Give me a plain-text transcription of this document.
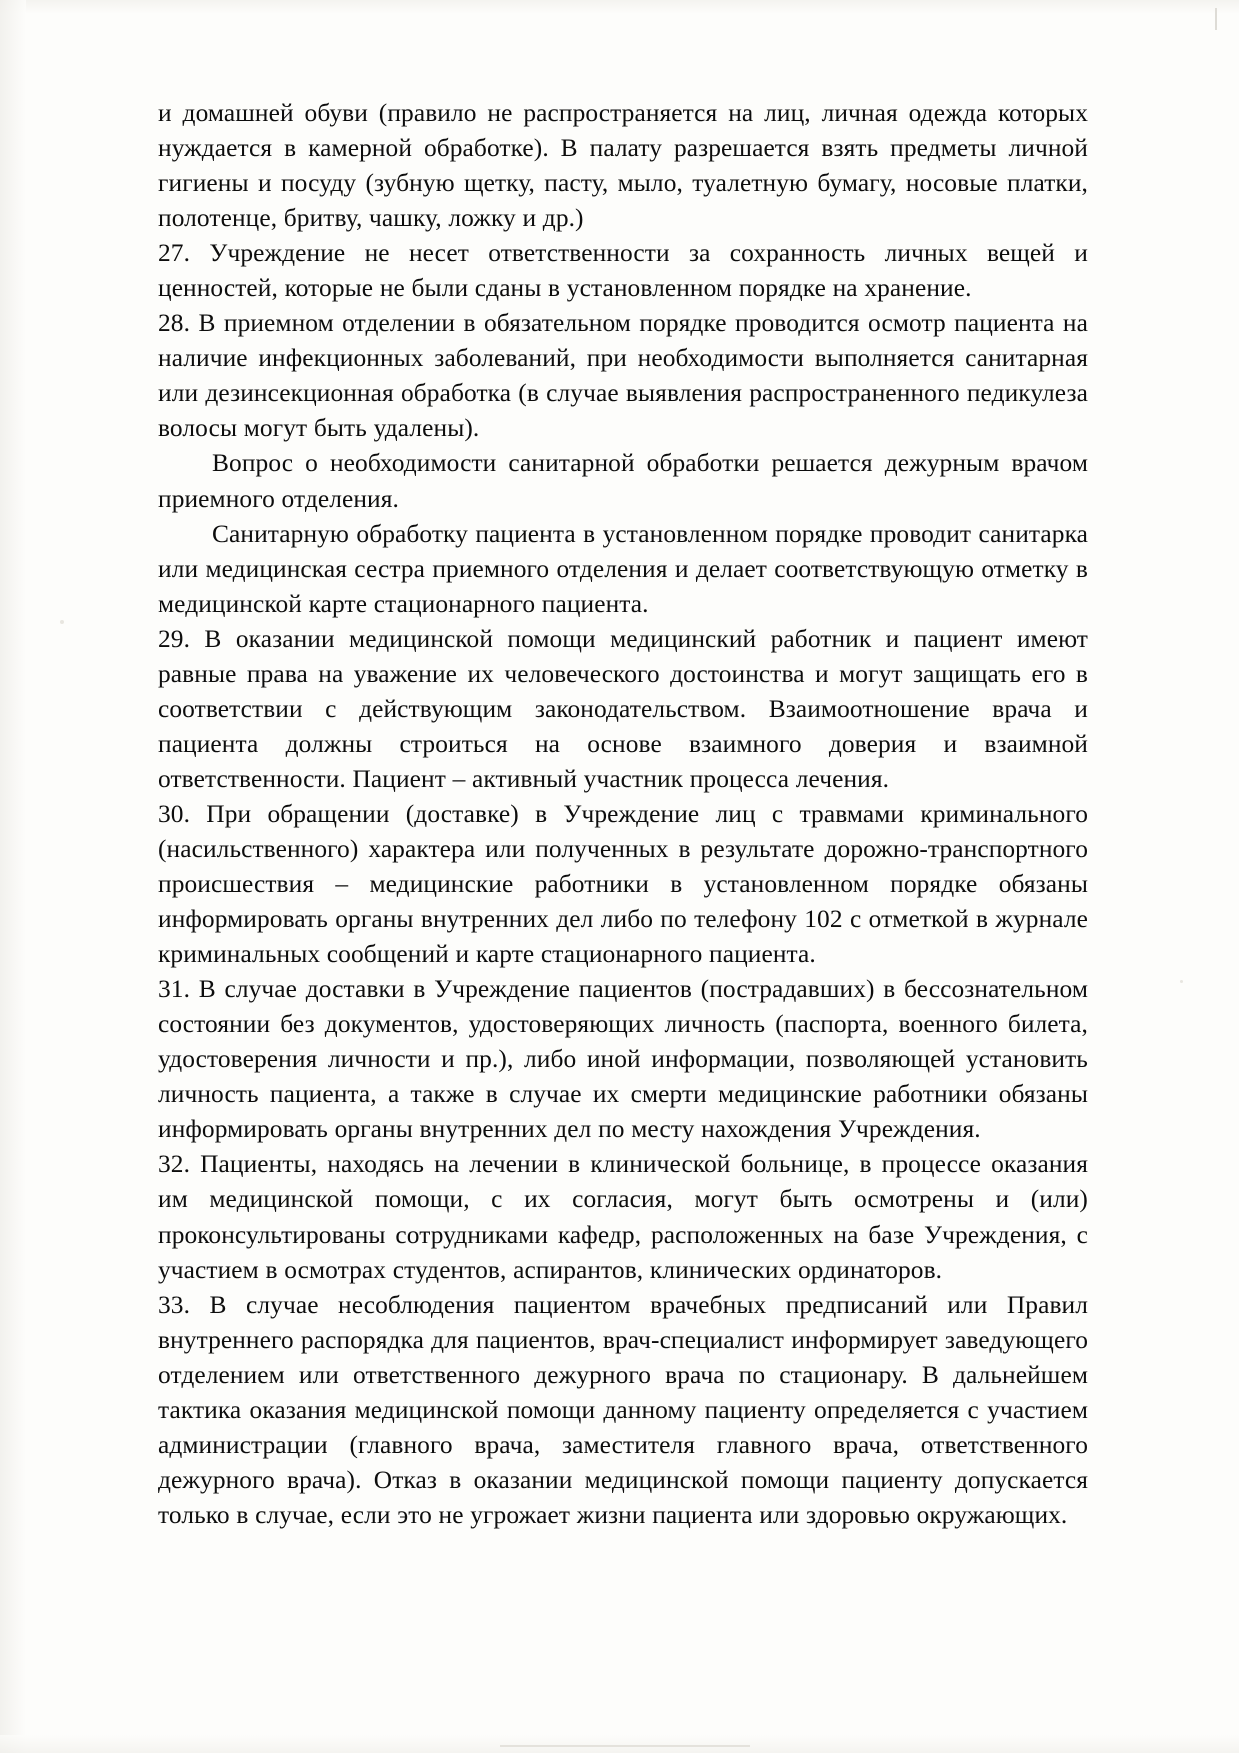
и домашней обуви (правило не распространяется на лиц, личная одежда которых нуждается в камерной обработке). В палату разрешается взять предметы личной гигиены и посуду (зубную щетку, пасту, мыло, туалетную бумагу, носовые платки, полотенце, бритву, чашку, ложку и др.)

27. Учреждение не несет ответственности за сохранность личных вещей и ценностей, которые не были сданы в установленном порядке на хранение.

28. В приемном отделении в обязательном порядке проводится осмотр пациента на наличие инфекционных заболеваний, при необходимости выполняется санитарная или дезинсекционная обработка (в случае выявления распространенного педикулеза волосы могут быть удалены).

Вопрос о необходимости санитарной обработки решается дежурным врачом приемного отделения.

Санитарную обработку пациента в установленном порядке проводит санитарка или медицинская сестра приемного отделения и делает соответствующую отметку в медицинской карте стационарного пациента.

29. В оказании медицинской помощи медицинский работник и пациент имеют равные права на уважение их человеческого достоинства и могут защищать его в соответствии с действующим законодательством. Взаимоотношение врача и пациента должны строиться на основе взаимного доверия и взаимной ответственности. Пациент – активный участник процесса лечения.

30. При обращении (доставке) в Учреждение лиц с травмами криминального (насильственного) характера или полученных в результате дорожно-транспортного происшествия – медицинские работники в установленном порядке обязаны информировать органы внутренних дел либо по телефону 102 с отметкой в журнале криминальных сообщений и карте стационарного пациента.

31. В случае доставки в Учреждение пациентов (пострадавших) в бессознательном состоянии без документов, удостоверяющих личность (паспорта, военного билета, удостоверения личности и пр.), либо иной информации, позволяющей установить личность пациента, а также в случае их смерти медицинские работники обязаны информировать органы внутренних дел по месту нахождения Учреждения.

32. Пациенты, находясь на лечении в клинической больнице, в процессе оказания им медицинской помощи, с их согласия, могут быть осмотрены и (или) проконсультированы сотрудниками кафедр, расположенных на базе Учреждения, с участием в осмотрах студентов, аспирантов, клинических ординаторов.

33. В случае несоблюдения пациентом врачебных предписаний или Правил внутреннего распорядка для пациентов, врач-специалист информирует заведующего отделением или ответственного дежурного врача по стационару. В дальнейшем тактика оказания медицинской помощи данному пациенту определяется с участием администрации (главного врача, заместителя главного врача, ответственного дежурного врача). Отказ в оказании медицинской помощи пациенту допускается только в случае, если это не угрожает жизни пациента или здоровью окружающих.
